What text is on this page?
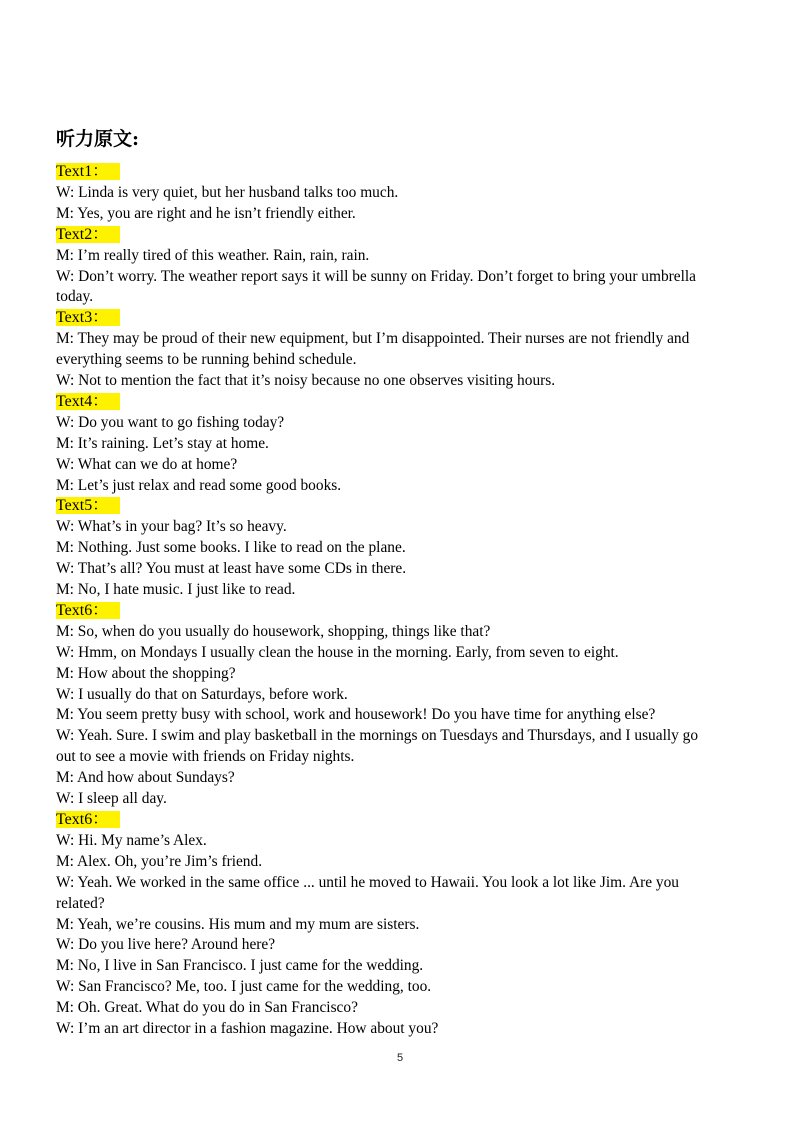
听力原文:
Text1：
W: Linda is very quiet, but her husband talks too much.
M: Yes, you are right and he isn’t friendly either.
Text2：
M: I’m really tired of this weather. Rain, rain, rain.
W: Don’t worry. The weather report says it will be sunny on Friday. Don’t forget to bring your umbrella
today.
Text3：
M: They may be proud of their new equipment, but I’m disappointed. Their nurses are not friendly and
everything seems to be running behind schedule.
W: Not to mention the fact that it’s noisy because no one observes visiting hours.
Text4：
W: Do you want to go fishing today?
M: It’s raining. Let’s stay at home.
W: What can we do at home?
M: Let’s just relax and read some good books.
Text5：
W: What’s in your bag? It’s so heavy.
M: Nothing. Just some books. I like to read on the plane.
W: That’s all? You must at least have some CDs in there.
M: No, I hate music. I just like to read.
Text6：
M: So, when do you usually do housework, shopping, things like that?
W: Hmm, on Mondays I usually clean the house in the morning. Early, from seven to eight.
M: How about the shopping?
W: I usually do that on Saturdays, before work.
M: You seem pretty busy with school, work and housework! Do you have time for anything else?
W: Yeah. Sure. I swim and play basketball in the mornings on Tuesdays and Thursdays, and I usually go
out to see a movie with friends on Friday nights.
M: And how about Sundays?
W: I sleep all day.
Text6：
W: Hi. My name’s Alex.
M: Alex. Oh, you’re Jim’s friend.
W: Yeah. We worked in the same office ... until he moved to Hawaii. You look a lot like Jim. Are you
related?
M: Yeah, we’re cousins. His mum and my mum are sisters.
W: Do you live here? Around here?
M: No, I live in San Francisco. I just came for the wedding.
W: San Francisco? Me, too. I just came for the wedding, too.
M: Oh. Great. What do you do in San Francisco?
W: I’m an art director in a fashion magazine. How about you?
5
